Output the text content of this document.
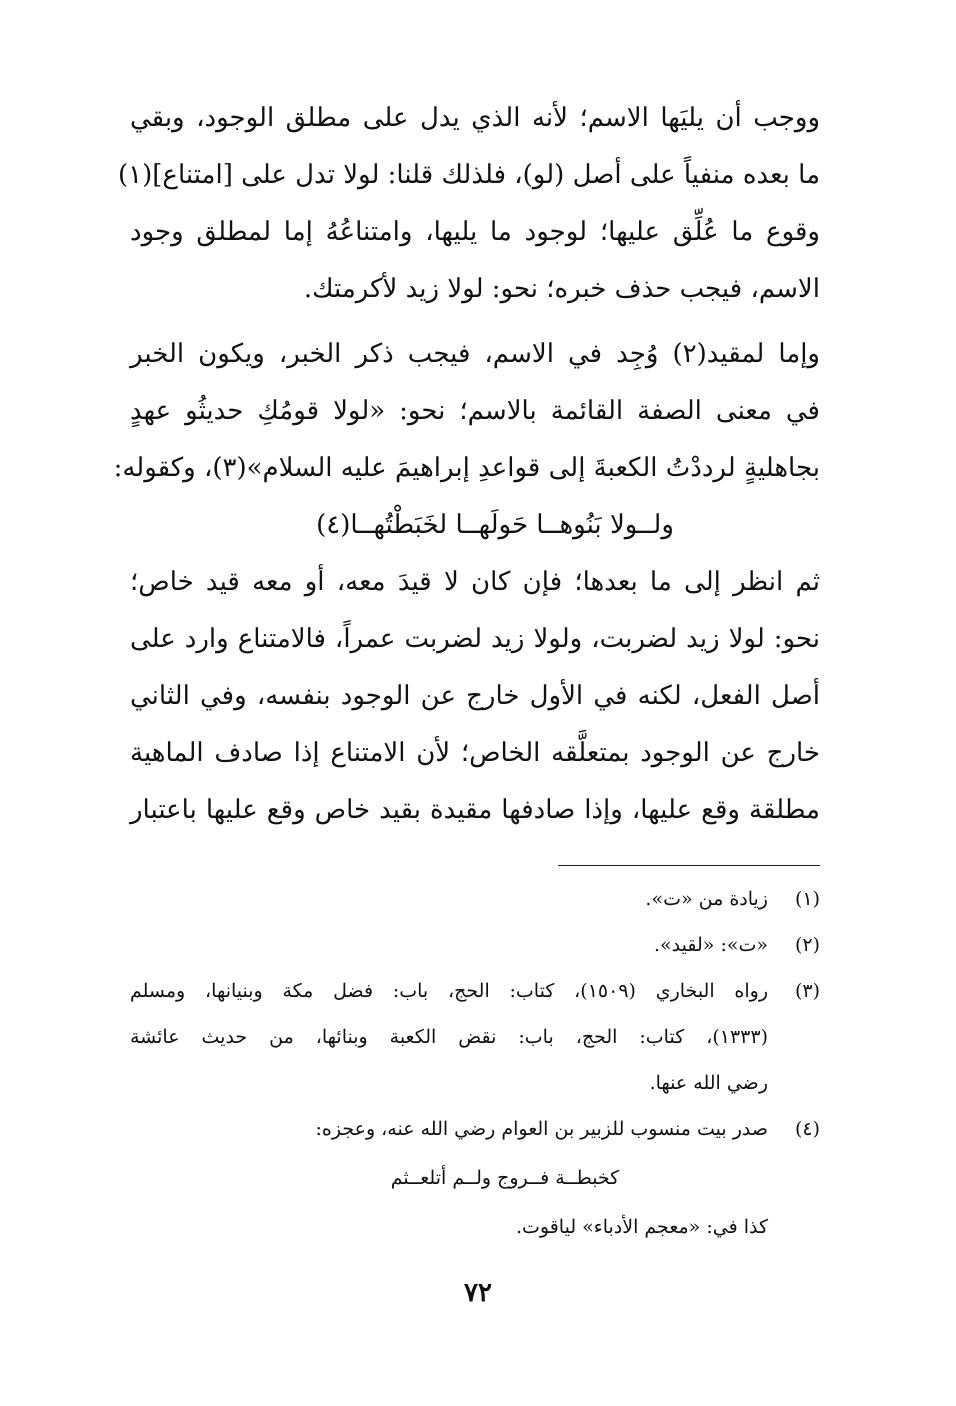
ووجب أن يليَها الاسم؛ لأنه الذي يدل على مطلق الوجود، وبقي
ما بعده منفياً على أصل (لو)، فلذلك قلنا: لولا تدل على [امتناع](١)
وقوع ما عُلِّق عليها؛ لوجود ما يليها، وامتناعُهُ إما لمطلق وجود
الاسم، فيجب حذف خبره؛ نحو: لولا زيد لأكرمتك.
وإما لمقيد(٢) وُجِد في الاسم، فيجب ذكر الخبر، ويكون الخبر
في معنى الصفة القائمة بالاسم؛ نحو: «لولا قومُكِ حديثُو عهدٍ
بجاهليةٍ لرددْتُ الكعبةَ إلى قواعدِ إبراهيمَ عليه السلام»(٣)، وكقوله:
ولــولا بَنُوهــا حَولَهــا لخَبَطْتُهــا(٤)
ثم انظر إلى ما بعدها؛ فإن كان لا قيدَ معه، أو معه قيد خاص؛
نحو: لولا زيد لضربت، ولولا زيد لضربت عمراً، فالامتناع وارد على
أصل الفعل، لكنه في الأول خارج عن الوجود بنفسه، وفي الثاني
خارج عن الوجود بمتعلَّقه الخاص؛ لأن الامتناع إذا صادف الماهية
مطلقة وقع عليها، وإذا صادفها مقيدة بقيد خاص وقع عليها باعتبار
(١)
زيادة من «ت».
(٢)
«ت»: «لقيد».
(٣)
رواه البخاري (١٥٠٩)، كتاب: الحج، باب: فضل مكة وبنيانها، ومسلم
(١٣٣٣)، كتاب: الحج، باب: نقض الكعبة وبنائها، من حديث عائشة
رضي الله عنها.
(٤)
صدر بيت منسوب للزبير بن العوام رضي الله عنه، وعجزه:
كخبطــة فــروج ولــم أتلعــثم
كذا في: «معجم الأدباء» لياقوت.
٧٢
